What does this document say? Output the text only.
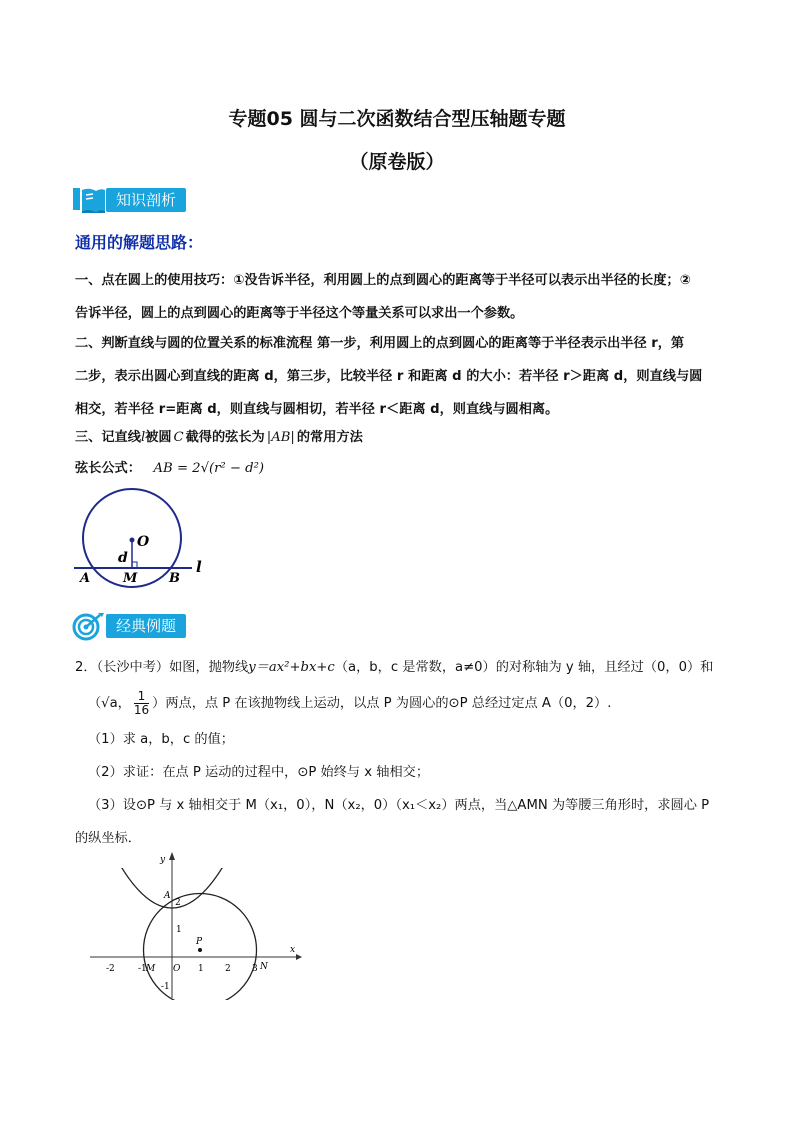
专题05 圆与二次函数结合型压轴题专题
（原卷版）
知识剖析
通用的解题思路：
一、点在圆上的使用技巧：①没告诉半径，利用圆上的点到圆心的距离等于半径可以表示出半径的长度；②
告诉半径，圆上的点到圆心的距离等于半径这个等量关系可以求出一个参数。
二、判断直线与圆的位置关系的标准流程 第一步，利用圆上的点到圆心的距离等于半径表示出半径 r，第
二步，表示出圆心到直线的距离 d，第三步，比较半径 r 和距离 d 的大小：若半径 r＞距离 d，则直线与圆
相交，若半径 r=距离 d，则直线与圆相切，若半径 r＜距离 d，则直线与圆相离。
三、记直线l被圆 C 截得的弦长为 |AB| 的常用方法
弦长公式： AB = 2√(r² − d²)
O
d
A	M B
l
经典例题
2．（长沙中考）如图，抛物线y＝ax²+bx+c（a，b，c 是常数，a≠0）的对称轴为 y 轴，且经过（0，0）和
（√a， $\frac{1}{16}$ ）两点，点 P 在该抛物线上运动，以点 P 为圆心的⊙P 总经过定点 A（0，2）.
（1）求 a，b，c 的值；
（2）求证：在点 P 运动的过程中，⊙P 始终与 x 轴相交；
（3）设⊙P 与 x 轴相交于 M（x₁，0），N（x₂，0）（x₁＜x₂）两点，当△AMN 为等腰三角形时，求圆心 P
的纵坐标．
-2	-1 M O 1 2 3 N
2
1
-1
A
P
x
y
